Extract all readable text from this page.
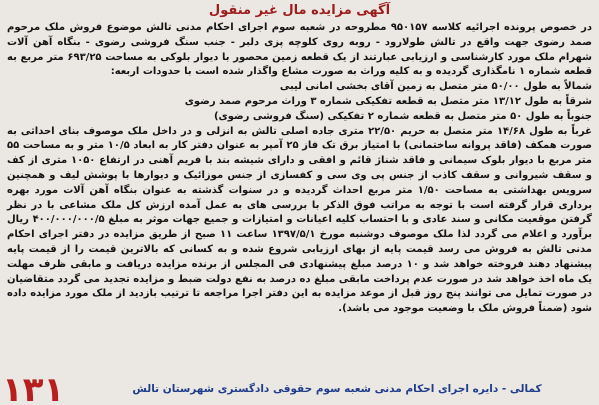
آگهی مزایده مال غیر منقول

در خصوص پرونده اجرائیه کلاسه ۹۵۰۱۵۷ مطروحه در شعبه سوم اجرای احکام مدنی تالش موضوع فروش ملک مرحوم صمد رضوی جهت واقع در تالش طولارود - روبه روی کلوچه پزی دلبر - جنب سنگ فروشی رضوی - بنگاه آهن آلات شهرام ملک مورد کارشناسی و ارزیابی عبارتند از یک قطعه زمین محصور با دیوار بلوکی به مساحت ۶۹۳/۲۵ متر مربع به قطعه شماره ۱ نامگذاری گردیده و به کلیه وراث به صورت مشاع واگذار شده است با حدودات اربعه:

شمالاً به طول ۵۰/۰۰ متر متصل به زمین آقای بخشی امانی لیبی

شرقاً به طول ۱۳/۱۲ متر متصل به قطعه تفکیکی شماره ۳ وراث مرحوم صمد رضوی

جنوباً به طول ۵۰ متر متصل به قطعه شماره ۲ تفکیکی (سنگ فروشی رضوی)

غرباً به طول ۱۴/۶۸ متر متصل به حریم ۲۲/۵۰ متری جاده اصلی تالش به انزلی و در داخل ملک موصوف بنای احداثی به صورت همکف (فاقد پروانه ساختمانی) با امتیاز برق تک فاز ۲۵ آمپر به عنوان دفتر کار به ابعاد ۱۰/۵ متر و به مساحت ۵۵ متر مربع با دیوار بلوک سیمانی و فاقد شناژ قائم و افقی و دارای شیشه بند با فریم آهنی در ارتفاع ۱۰۵۰ متری از کف و سقف شیروانی و سقف کاذب از جنس پی وی سی و کفسازی از جنس موزائیک و دیوارها با پوشش لیف و همچنین سرویس بهداشتی به مساحت ۱/۵۰ متر مربع احداث گردیده و در سنوات گذشته به عنوان بنگاه آهن آلات مورد بهره برداری قرار گرفته است با توجه به مراتب فوق الذکر با بررسی های به عمل آمده ارزش کل ملک مشاعی با در نظر گرفتن موقعیت مکانی و سند عادی و با احتساب کلیه اعیانات و امتیازات و جمیع جهات موثر به مبلغ ۴۰۰/۰۰۰/۰۰۰/۵ ریال برآورد و اعلام می گردد لذا ملک موصوف دوشنبه مورخ ۱۳۹۷/۵/۱ ساعت ۱۱ صبح از طریق مزایده در دفتر اجرای احکام مدنی تالش به فروش می رسد قیمت پایه از بهای ارزیابی شروع شده و به کسانی که بالاترین قیمت را از قیمت پایه پیشنهاد دهند فروخته خواهد شد و ۱۰ درصد مبلغ پیشنهادی فی المجلس از برنده مزایده دریافت و مابقی ظرف مهلت یک ماه اخذ خواهد شد در صورت عدم پرداخت مابقی مبلغ ده درصد به نفع دولت ضبط و مزایده تجدید می گردد متقاضیان در صورت تمایل می توانند پنج روز قبل از موعد مزایده به این دفتر اجرا مراجعه تا ترتیب بازدید از ملک مورد مزایده داده شود (ضمناً فروش ملک با وضعیت موجود می باشد).

کمالی - دایره اجرای احکام مدنی شعبه سوم حقوقی دادگستری شهرستان تالش
۱۳۱
